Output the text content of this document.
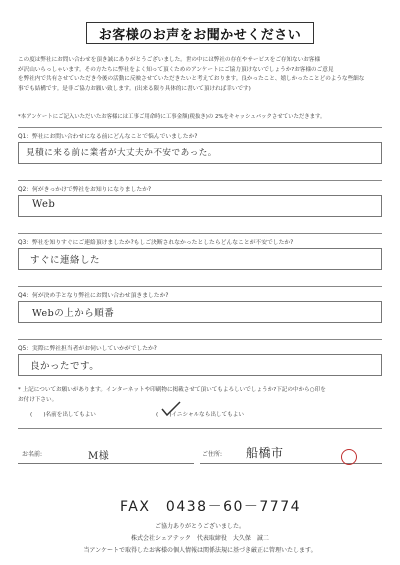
お客様のお声をお聞かせください

この度は弊社にお問い合わせを頂き誠にありがとうございました。世の中には弊社の存在やサービスをご存知ないお客様

が沢山いらっしゃいます。その方たちに弊社をよく知って頂くためのアンケートにご協力頂けないでしょうか?お客様のご意見

を弊社内で共有させていただき今後の活動に反映させていただきたいと考えております。良かったこと、嬉しかったことどのような些細な

事でも結構です。是非ご協力お願い致します。(出来る限り具体的に書いて頂ければ幸いです)

*本アンケートにご記入いただいたお客様には工事ご用命時に工事金額(税抜き)の 2%をキャッシュバックさせていただきます。
Q1：弊社にお問い合わせになる前にどんなことで悩んでいましたか?
見積に来る前に業者が大丈夫か不安であった。
Q2：何がきっかけで弊社をお知りになりましたか?
Web
Q3：弊社を知りすぐにご連絡頂けましたか?もしご決断されなかったとしたらどんなことが不安でしたか?
すぐに連絡した
Q4：何が決め手となり弊社にお問い合わせ頂きましたか?
Webの上から順番
Q5：実際に弊社担当者がお伺いしていかがでしたか?
良かったです。
* 上記についてお願いがあります。インターネットや印刷物に掲載させて頂いてもよろしいでしょうか?下記の中から○印を
お付け下さい。
(　　)名前を出してもよい	(　　)イニシャルなら出してもよい
お名前:	M様	ご住所: 船橋市
FAX　0438－60－7774
ご協力ありがとうございました。
株式会社シェアテック　代表取締役　大久保　誠二
当アンケートで取得したお客様の個人情報は関係法規に基づき厳正に管理いたします。
